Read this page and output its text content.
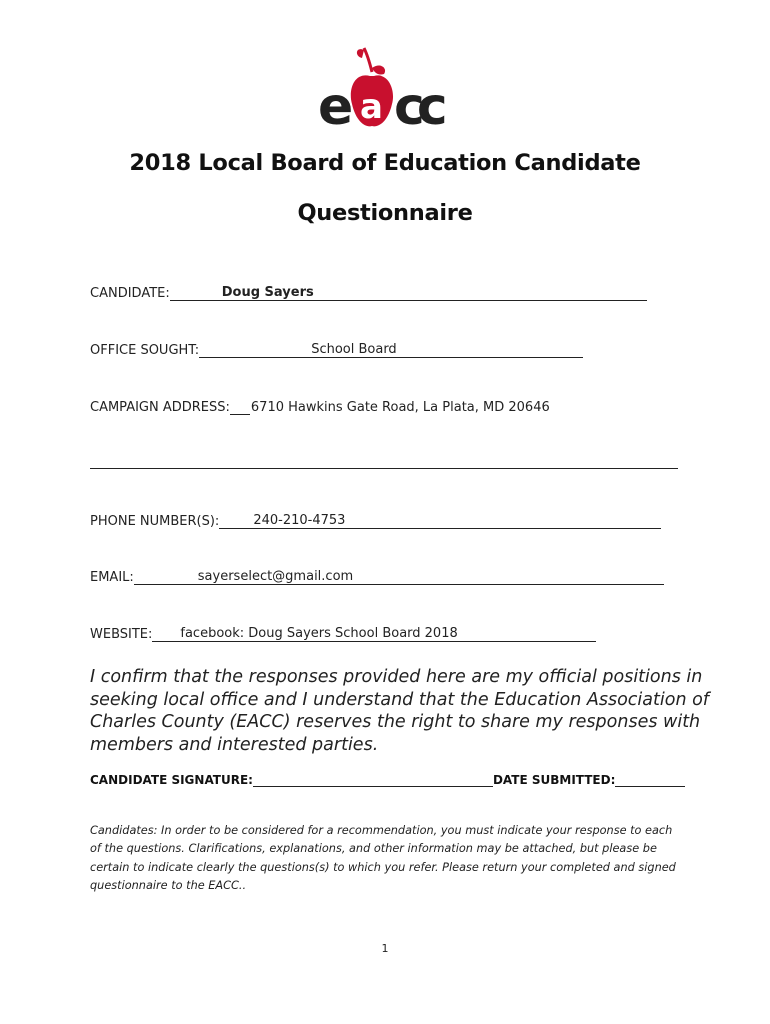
a
e cc
2018 Local Board of Education Candidate
Questionnaire
CANDIDATE:	Doug Sayers
OFFICE SOUGHT:	School Board
CAMPAIGN ADDRESS: 6710 Hawkins Gate Road, La Plata, MD 20646
PHONE NUMBER(S):	240-210-4753
EMAIL:	sayerselect@gmail.com
WEBSITE: facebook: Doug Sayers School Board 2018
I confirm that the responses provided here are my official positions in seeking local office and I understand that the Education Association of Charles County (EACC) reserves the right to share my responses with members and interested parties.
CANDIDATE SIGNATURE:	DATE SUBMITTED:
Candidates: In order to be considered for a recommendation, you must indicate your response to each of the questions. Clarifications, explanations, and other information may be attached, but please be certain to indicate clearly the questions(s) to which you refer. Please return your completed and signed questionnaire to the EACC..
1
